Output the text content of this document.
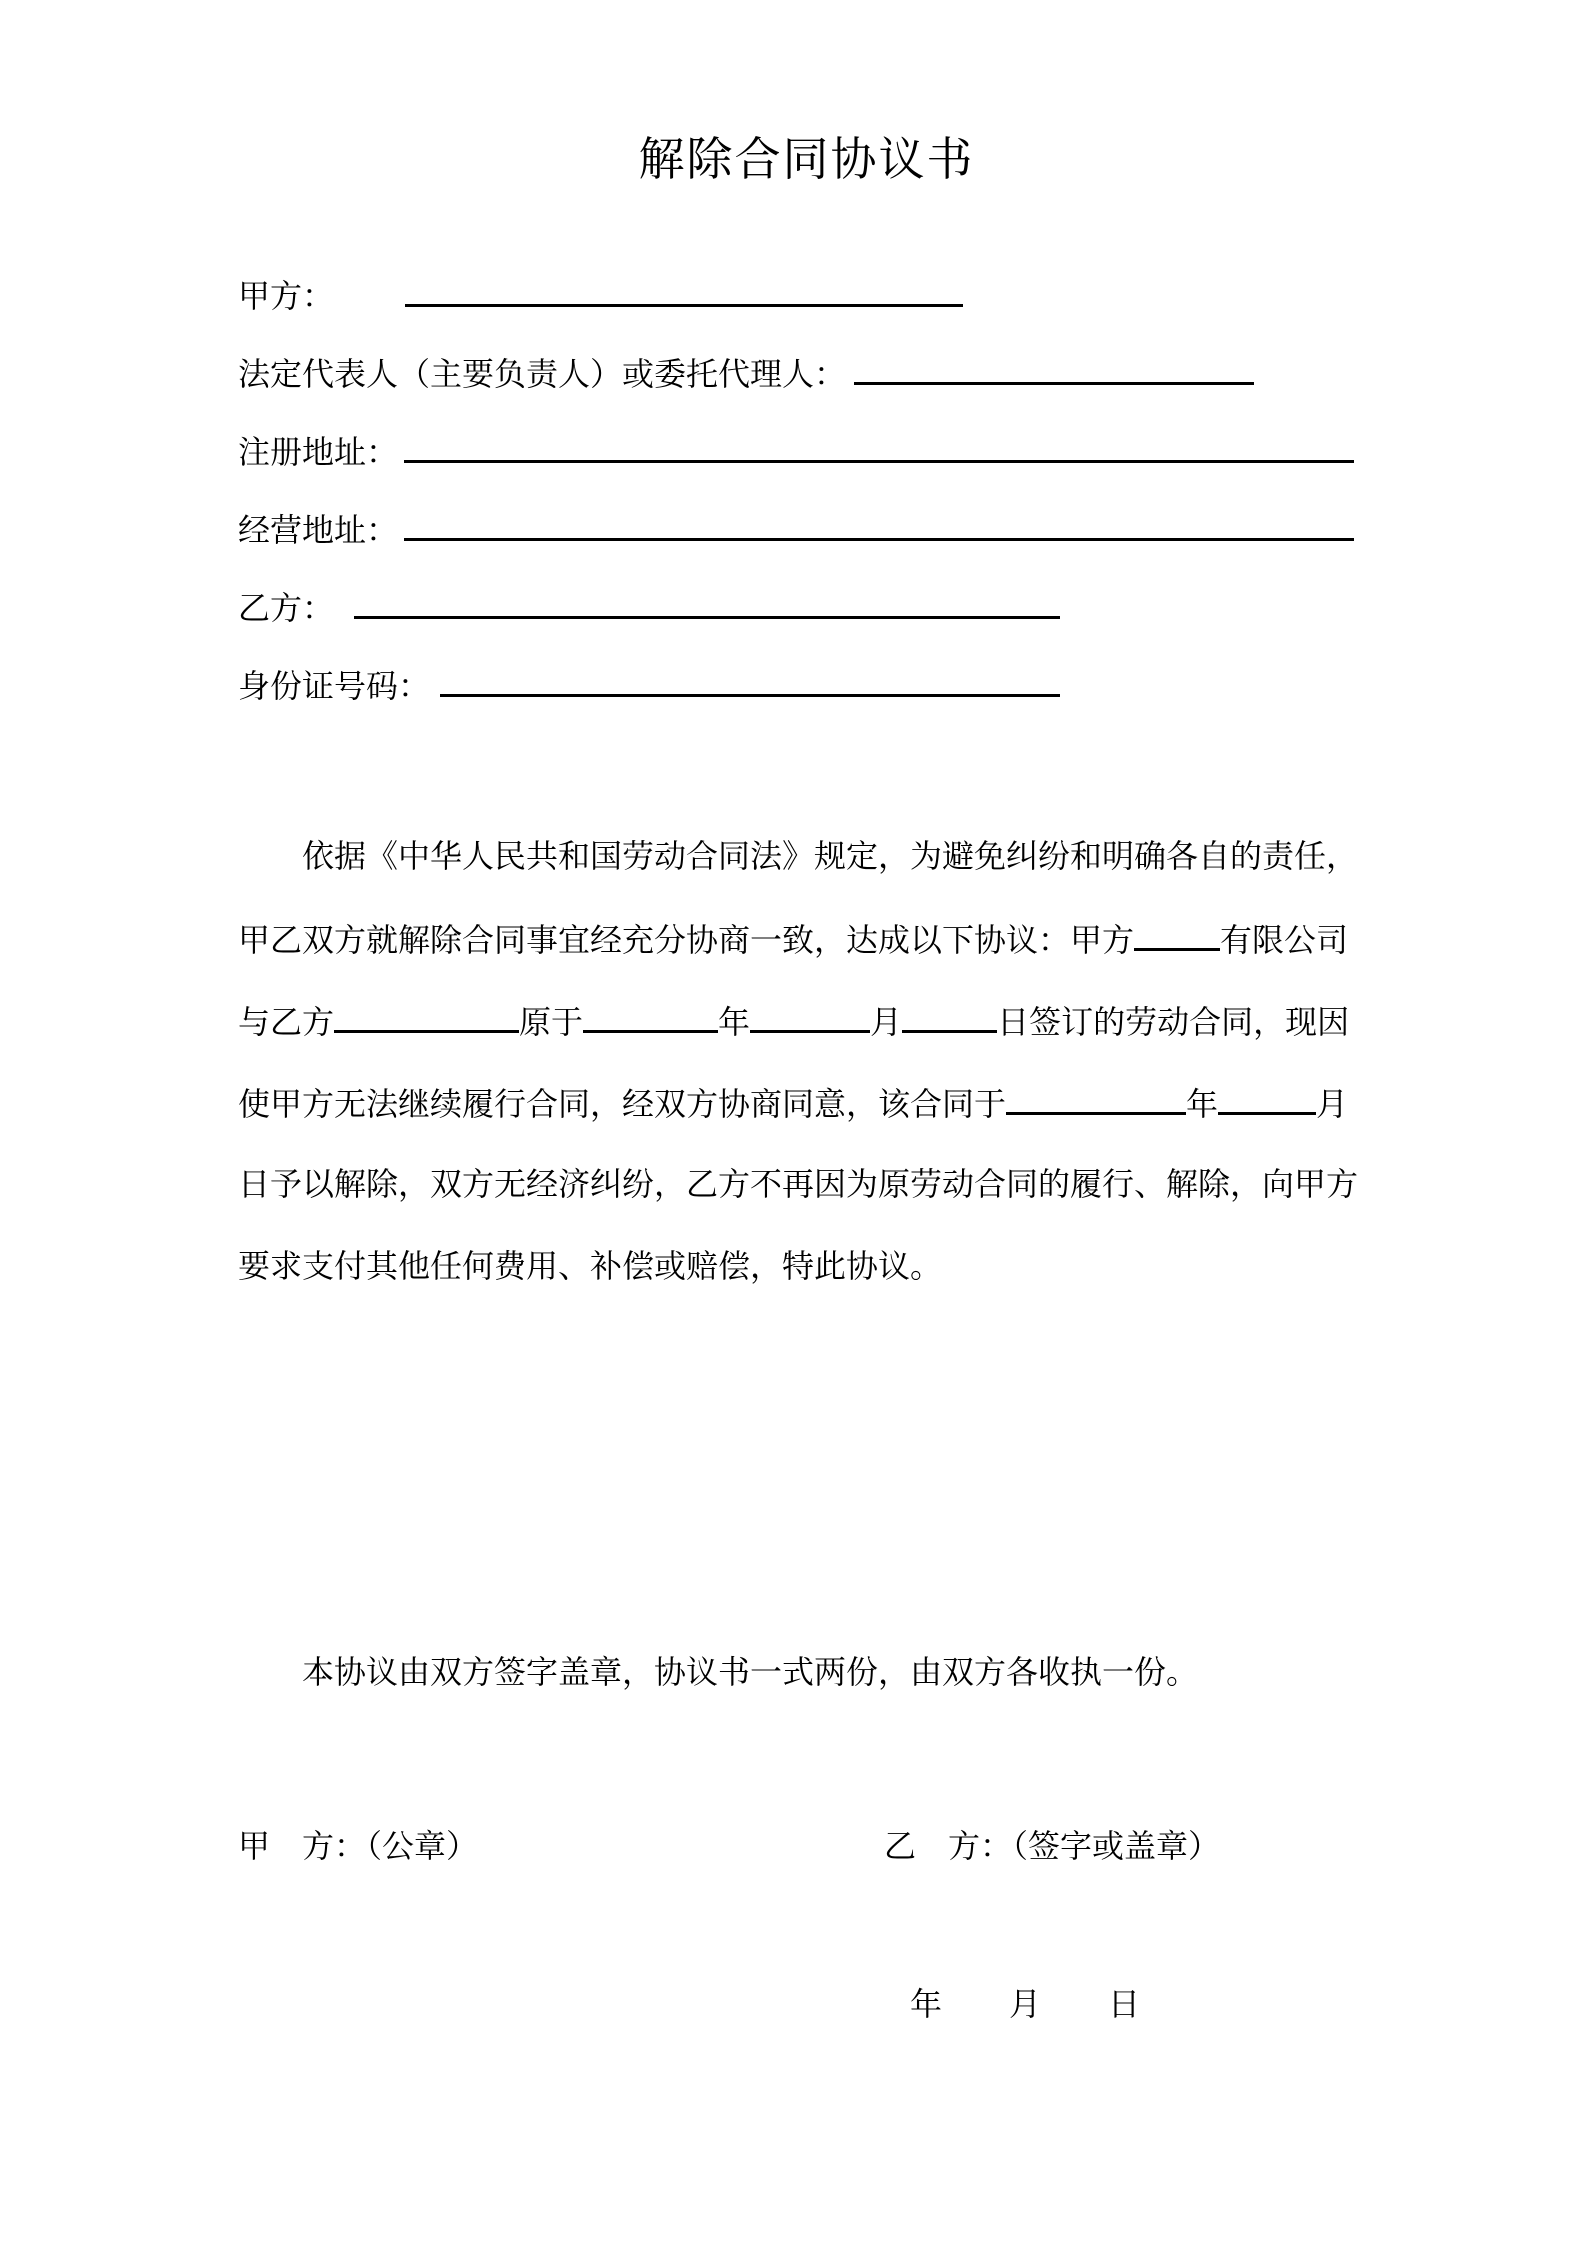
解除合同协议书
甲方：
法定代表人（主要负责人）或委托代理人：
注册地址：
经营地址：
乙方：
身份证号码：
　　依据《中华人民共和国劳动合同法》规定，为避免纠纷和明确各自的责任，
甲乙双方就解除合同事宜经充分协商一致，达成以下协议：甲方	有限公司
与乙方	原于	年	月	日签订的劳动合同，现因
使甲方无法继续履行合同，经双方协商同意，该合同于	年	月
日予以解除，双方无经济纠纷，乙方不再因为原劳动合同的履行、解除，向甲方
要求支付其他任何费用、补偿或赔偿，特此协议。
　　本协议由双方签字盖章，协议书一式两份，由双方各收执一份。
甲　方：（公章）	乙　方：（签字或盖章）
年　　月　　日
